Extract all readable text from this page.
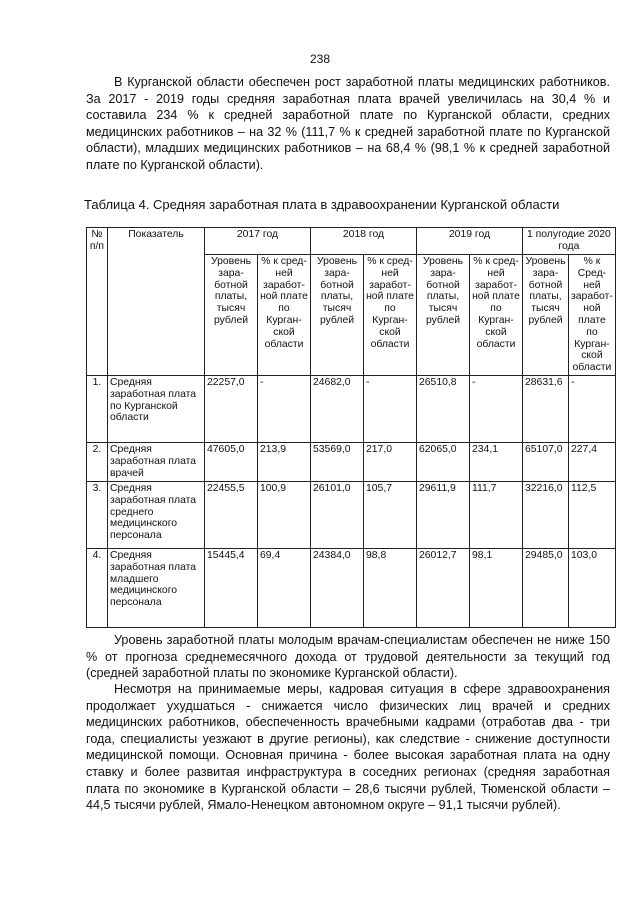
238

В Курганской области обеспечен рост заработной платы медицинских работников. За 2017 - 2019 годы средняя заработная плата врачей увеличилась на 30,4 % и составила 234 % к средней заработной плате по Курганской области, средних медицинских работников – на 32 % (111,7 % к средней заработной плате по Курганской области), младших медицинских работников – на 68,4 % (98,1 % к средней заработной плате по Курганской области).

Таблица 4. Средняя заработная плата в здравоохранении Курганской области
№ п/п	Показатель	2017 год		2018 год		2019 год		1 полугодие 2020 года	
		Уровень зара-ботной платы, тысяч рублей	% к сред-ней заработ-ной плате по Курган-ской области	Уровень зара-ботной платы, тысяч рублей	% к сред-ней заработ-ной плате по Курган-ской области	Уровень зара-ботной платы, тысяч рублей	% к сред-ней заработ-ной плате по Курган-ской области	Уровень зара-ботной платы, тысяч рублей	% к Сред-ней заработ-ной плате по Курган-ской области
1.	Средняя заработная плата по Курганской области	22257,0	-	24682,0	-	26510,8	-	28631,6	-
2.	Средняя заработная плата врачей	47605,0	213,9	53569,0	217,0	62065,0	234,1	65107,0	227,4
3.	Средняя заработная плата среднего медицинского персонала	22455,5	100,9	26101,0	105,7	29611,9	111,7	32216,0	112,5
4.	Средняя заработная плата младшего медицинского персонала	15445,4	69,4	24384,0	98,8	26012,7	98,1	29485,0	103,0

Уровень заработной платы молодым врачам-специалистам обеспечен не ниже 150 % от прогноза среднемесячного дохода от трудовой деятельности за текущий год (средней заработной платы по экономике Курганской области).

Несмотря на принимаемые меры, кадровая ситуация в сфере здравоохранения продолжает ухудшаться - снижается число физических лиц врачей и средних медицинских работников, обеспеченность врачебными кадрами (отработав два - три года, специалисты уезжают в другие регионы), как следствие - снижение доступности медицинской помощи. Основная причина - более высокая заработная плата на одну ставку и более развитая инфраструктура в соседних регионах (средняя заработная плата по экономике в Курганской области – 28,6 тысячи рублей, Тюменской области – 44,5 тысячи рублей, Ямало-Ненецком автономном округе – 91,1 тысячи рублей).
